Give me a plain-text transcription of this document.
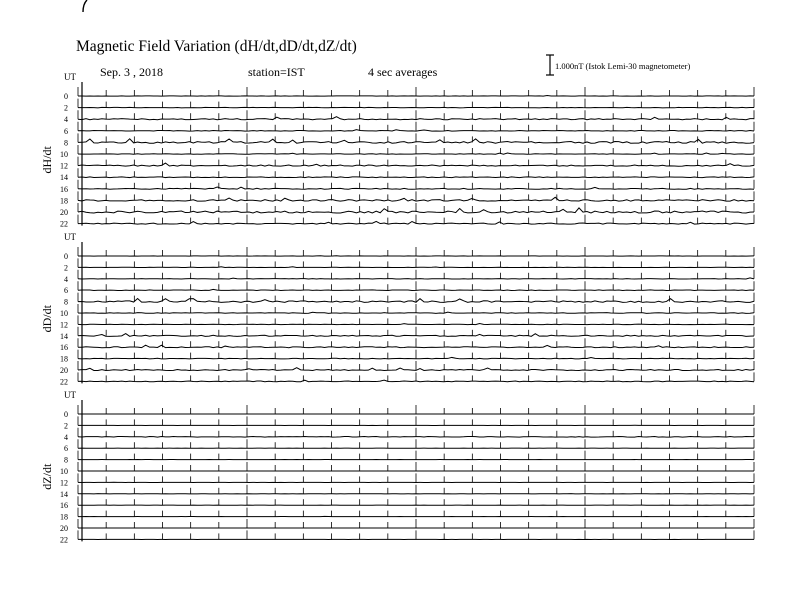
Magnetic Field Variation (dH/dt,dD/dt,dZ/dt)
Sep. 3 , 2018	station=IST	4 sec averages	1.000nT (Istok Lemi-30 magnetometer)
UT
dH/dt
0
2
4
6
8
10
12
14
16
18
20
22
UT
dD/dt
0
2
4
6
8
10
12
14
16
18
20
22
UT
dZ/dt
0
2
4
6
8
10
12
14
16
18
20
22
